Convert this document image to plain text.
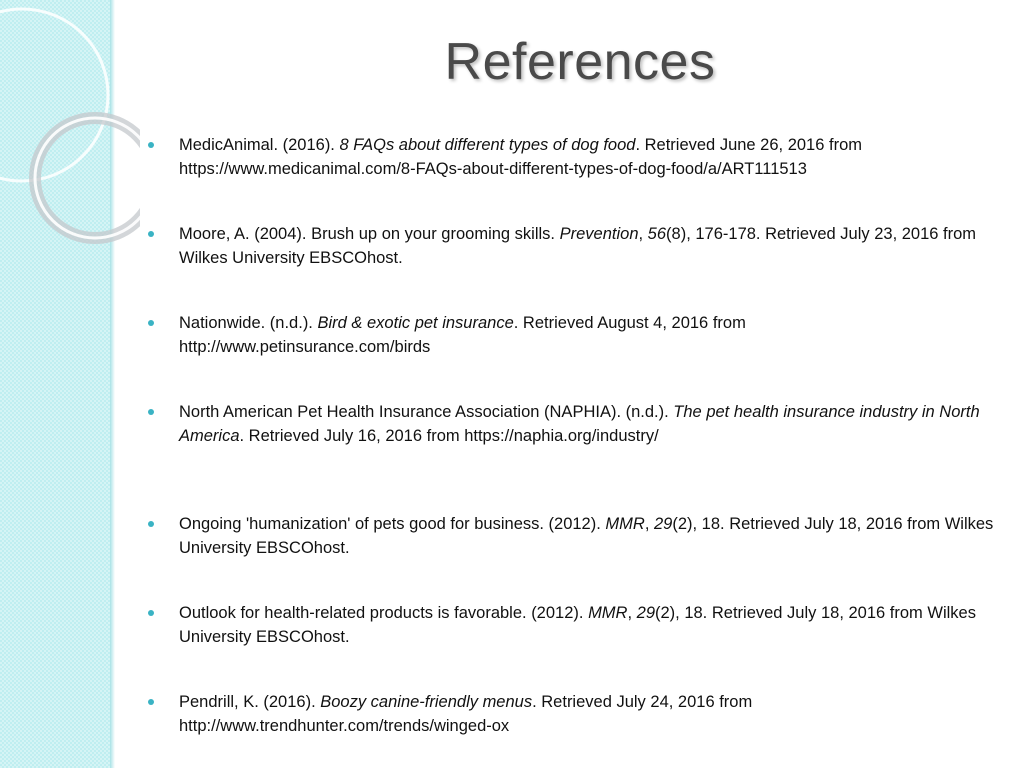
References
MedicAnimal. (2016). 8 FAQs about different types of dog food. Retrieved June 26, 2016 from https://www.medicanimal.com/8-FAQs-about-different-types-of-dog-food/a/ART111513
Moore, A. (2004). Brush up on your grooming skills. Prevention, 56(8), 176-178. Retrieved July 23, 2016 from Wilkes University EBSCOhost.
Nationwide. (n.d.). Bird & exotic pet insurance. Retrieved August 4, 2016 from http://www.petinsurance.com/birds
North American Pet Health Insurance Association (NAPHIA). (n.d.). The pet health insurance industry in North America. Retrieved July 16, 2016 from https://naphia.org/industry/
Ongoing 'humanization' of pets good for business. (2012). MMR, 29(2), 18. Retrieved July 18, 2016 from Wilkes University EBSCOhost.
Outlook for health-related products is favorable. (2012). MMR, 29(2), 18. Retrieved July 18, 2016 from Wilkes University EBSCOhost.
Pendrill, K. (2016). Boozy canine-friendly menus. Retrieved July 24, 2016 from http://www.trendhunter.com/trends/winged-ox
